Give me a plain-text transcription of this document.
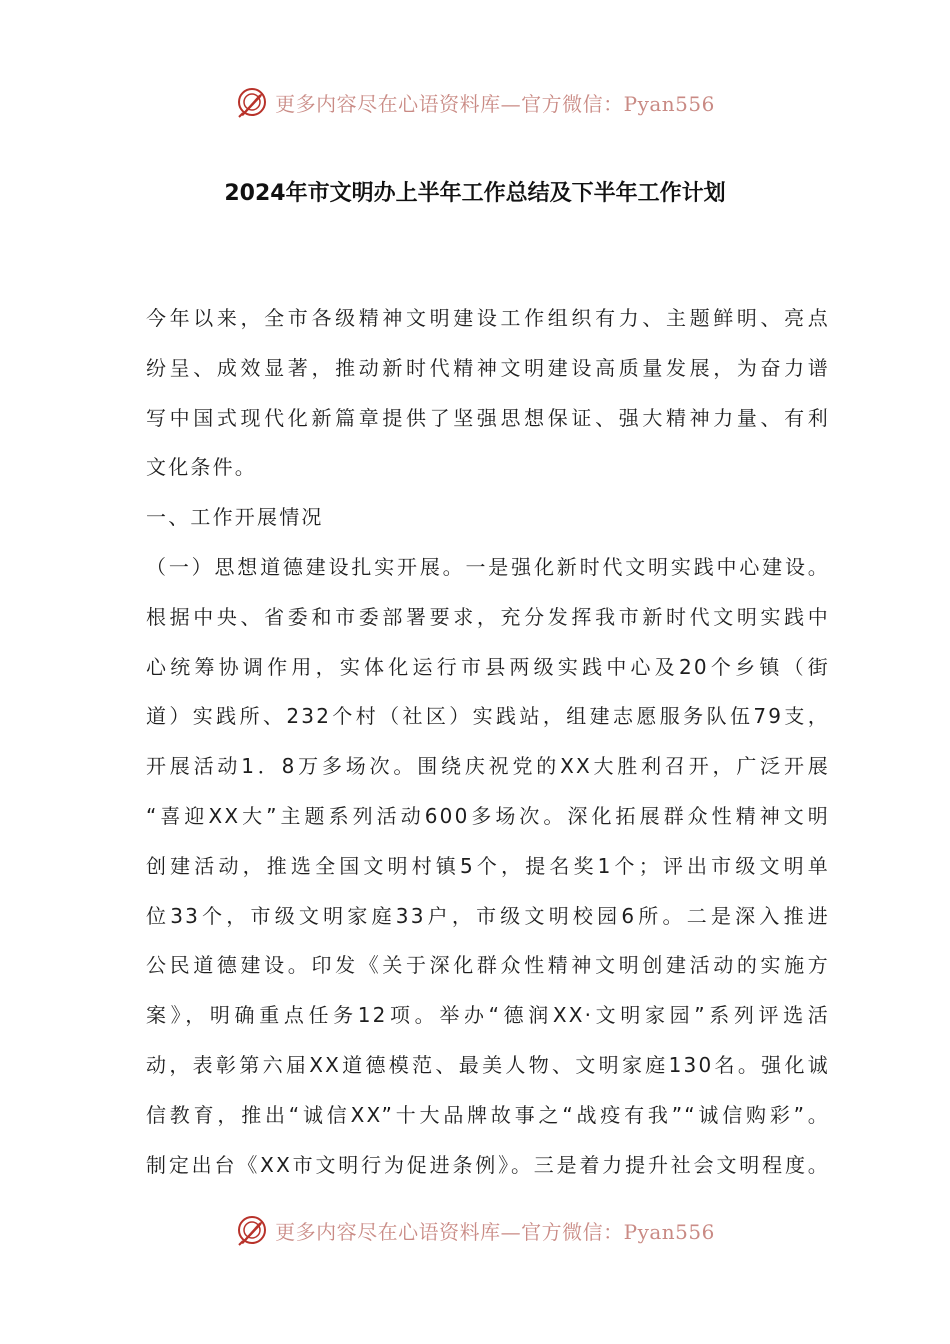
更多内容尽在心语资料库—官方微信：Pyan556
2024年市文明办上半年工作总结及下半年工作计划
今年以来，全市各级精神文明建设工作组织有力、主题鲜明、亮点
纷呈、成效显著，推动新时代精神文明建设高质量发展，为奋力谱
写中国式现代化新篇章提供了坚强思想保证、强大精神力量、有利
文化条件。
一、工作开展情况
（一）思想道德建设扎实开展。一是强化新时代文明实践中心建设。
根据中央、省委和市委部署要求，充分发挥我市新时代文明实践中
心统筹协调作用，实体化运行市县两级实践中心及20个乡镇（街
道）实践所、232个村（社区）实践站，组建志愿服务队伍79支，
开展活动1．8万多场次。围绕庆祝党的XX大胜利召开，广泛开展
“喜迎XX大”主题系列活动600多场次。深化拓展群众性精神文明
创建活动，推选全国文明村镇5个，提名奖1个；评出市级文明单
位33个，市级文明家庭33户，市级文明校园6所。二是深入推进
公民道德建设。印发《关于深化群众性精神文明创建活动的实施方
案》，明确重点任务12项。举办“德润XX·文明家园”系列评选活
动，表彰第六届XX道德模范、最美人物、文明家庭130名。强化诚
信教育，推出“诚信XX”十大品牌故事之“战疫有我”“诚信购彩”。
制定出台《XX市文明行为促进条例》。三是着力提升社会文明程度。
更多内容尽在心语资料库—官方微信：Pyan556
